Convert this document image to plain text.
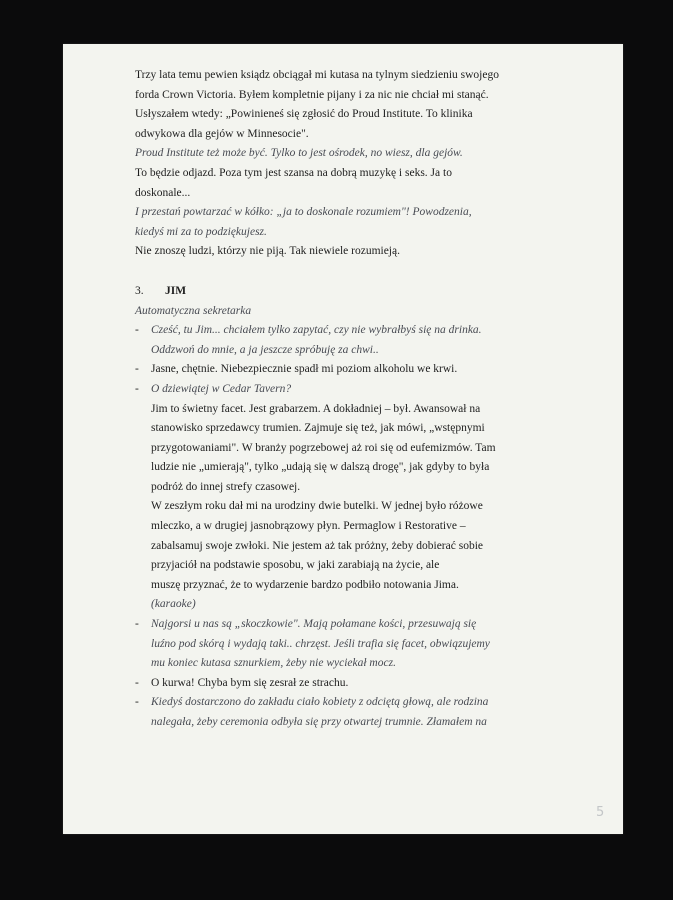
Trzy lata temu pewien ksiądz obciągał mi kutasa na tylnym siedzieniu swojego

forda Crown Victoria. Byłem kompletnie pijany i za nic nie chciał mi stanąć.

Usłyszałem wtedy: „Powinieneś się zgłosić do Proud Institute. To klinika

odwykowa dla gejów w Minnesocie".

Proud Institute też może być. Tylko to jest ośrodek, no wiesz, dla gejów.

To będzie odjazd. Poza tym jest szansa na dobrą muzykę i seks. Ja to

doskonale...

I przestań powtarzać w kółko: „ja to doskonale rozumiem"! Powodzenia,

kiedyś mi za to podziękujesz.

Nie znoszę ludzi, którzy nie piją. Tak niewiele rozumieją.

3. JIM

Automatyczna sekretarka

- Cześć, tu Jim... chciałem tylko zapytać, czy nie wybrałbyś się na drinka.

Oddzwoń do mnie, a ja jeszcze spróbuję za chwi..

- Jasne, chętnie. Niebezpiecznie spadł mi poziom alkoholu we krwi.

- O dziewiątej w Cedar Tavern?

Jim to świetny facet. Jest grabarzem. A dokładniej – był. Awansował na

stanowisko sprzedawcy trumien. Zajmuje się też, jak mówi, „wstępnymi

przygotowaniami". W branży pogrzebowej aż roi się od eufemizmów. Tam

ludzie nie „umierają", tylko „udają się w dalszą drogę", jak gdyby to była

podróż do innej strefy czasowej.

W zeszłym roku dał mi na urodziny dwie butelki. W jednej było różowe

mleczko, a w drugiej jasnobrązowy płyn. Permaglow i Restorative –

zabalsamuj swoje zwłoki. Nie jestem aż tak próżny, żeby dobierać sobie

przyjaciół na podstawie sposobu, w jaki zarabiają na życie, ale

muszę przyznać, że to wydarzenie bardzo podbiło notowania Jima.

(karaoke)

- Najgorsi u nas są „skoczkowie". Mają połamane kości, przesuwają się

luźno pod skórą i wydają taki.. chrzęst. Jeśli trafia się facet, obwiązujemy

mu koniec kutasa sznurkiem, żeby nie wyciekał mocz.

- O kurwa! Chyba bym się zesrał ze strachu.

- Kiedyś dostarczono do zakładu ciało kobiety z odciętą głową, ale rodzina

nalegała, żeby ceremonia odbyła się przy otwartej trumnie. Złamałem na

5
